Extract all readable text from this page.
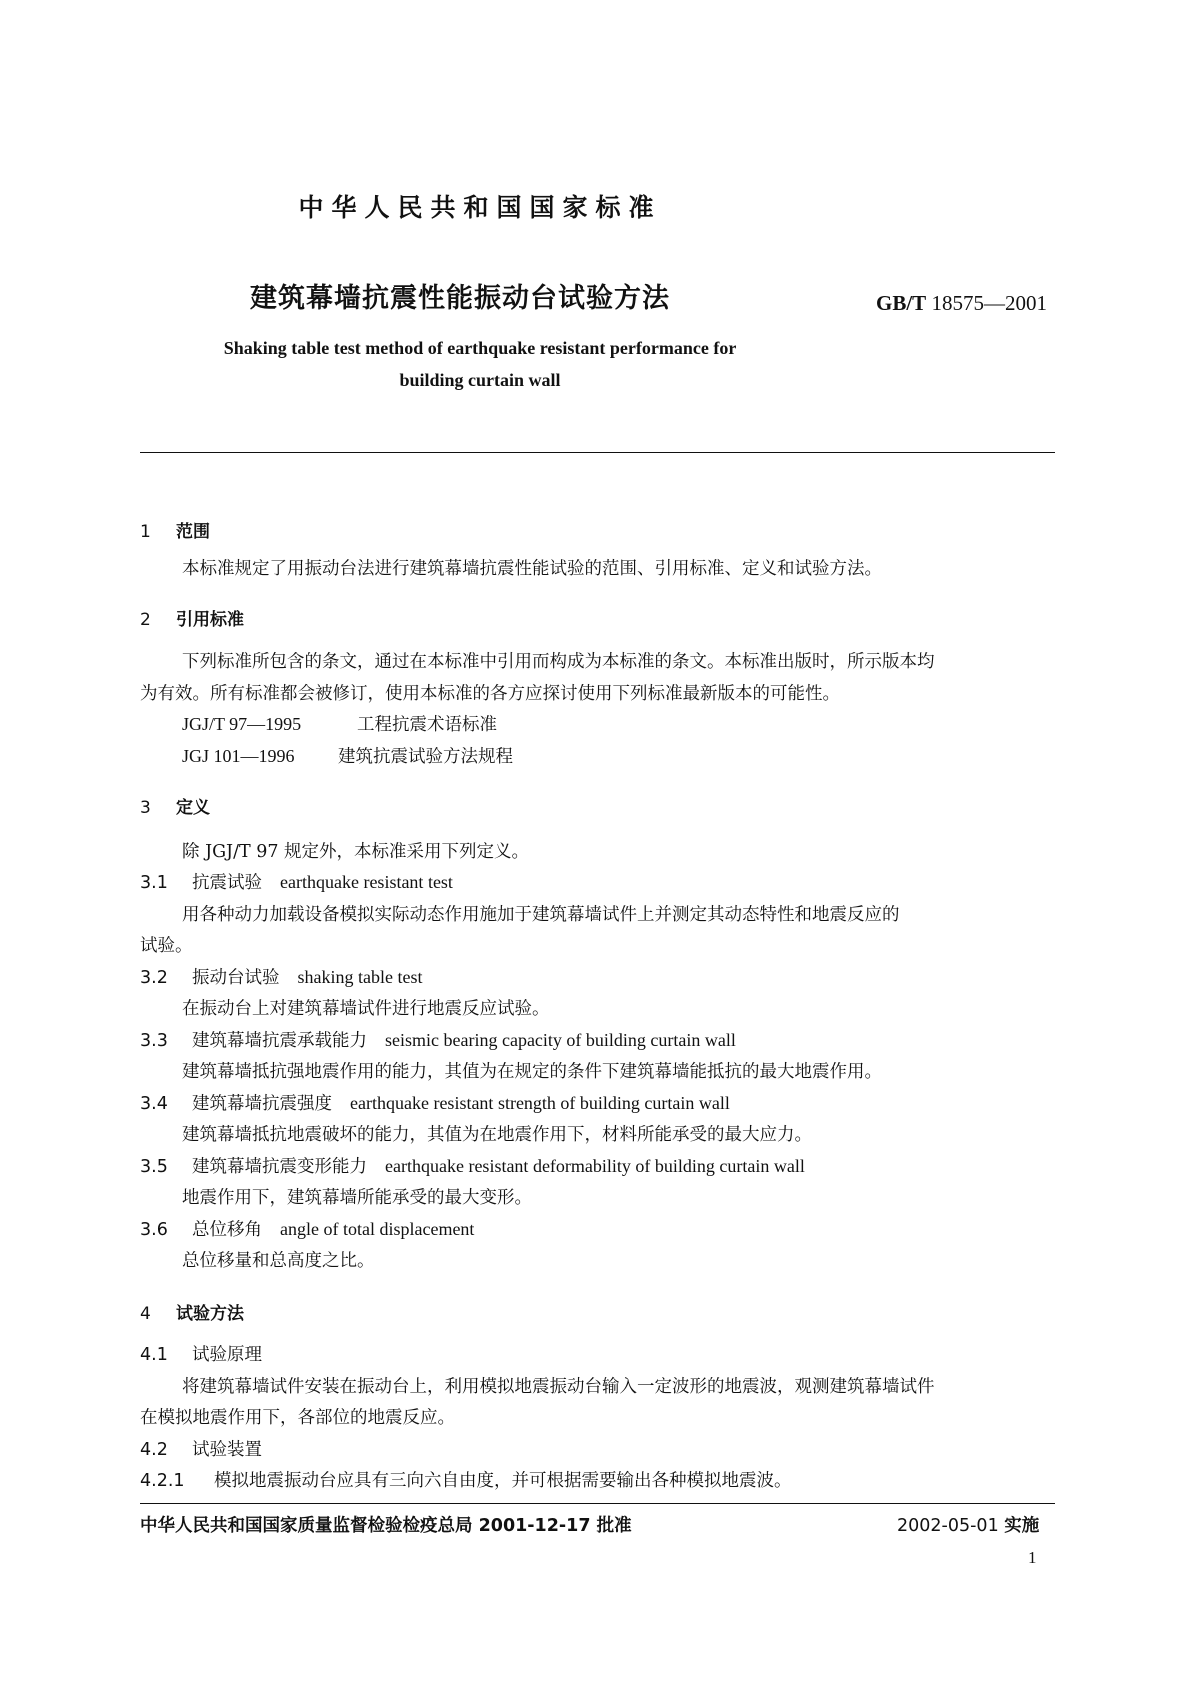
中华人民共和国国家标准
建筑幕墙抗震性能振动台试验方法	GB/T 18575—2001
Shaking table test method of earthquake resistant performance for
building curtain wall
1 范围
本标准规定了用振动台法进行建筑幕墙抗震性能试验的范围、引用标准、定义和试验方法。
2 引用标准
下列标准所包含的条文，通过在本标准中引用而构成为本标准的条文。本标准出版时，所示版本均
为有效。所有标准都会被修订，使用本标准的各方应探讨使用下列标准最新版本的可能性。
JGJ/T 97—1995	工程抗震术语标准
JGJ 101—1996 建筑抗震试验方法规程
3 定义
除 JGJ/T 97 规定外，本标准采用下列定义。
3.1 抗震试验 earthquake resistant test
用各种动力加载设备模拟实际动态作用施加于建筑幕墙试件上并测定其动态特性和地震反应的
试验。
3.2 振动台试验 shaking table test
在振动台上对建筑幕墙试件进行地震反应试验。
3.3 建筑幕墙抗震承载能力 seismic bearing capacity of building curtain wall
建筑幕墙抵抗强地震作用的能力，其值为在规定的条件下建筑幕墙能抵抗的最大地震作用。
3.4 建筑幕墙抗震强度 earthquake resistant strength of building curtain wall
建筑幕墙抵抗地震破坏的能力，其值为在地震作用下，材料所能承受的最大应力。
3.5 建筑幕墙抗震变形能力 earthquake resistant deformability of building curtain wall
地震作用下，建筑幕墙所能承受的最大变形。
3.6 总位移角 angle of total displacement
总位移量和总高度之比。
4 试验方法
4.1 试验原理
将建筑幕墙试件安装在振动台上，利用模拟地震振动台输入一定波形的地震波，观测建筑幕墙试件
在模拟地震作用下，各部位的地震反应。
4.2 试验装置
4.2.1 模拟地震振动台应具有三向六自由度，并可根据需要输出各种模拟地震波。
中华人民共和国国家质量监督检验检疫总局 2001-12-17 批准	2002-05-01 实施
1
